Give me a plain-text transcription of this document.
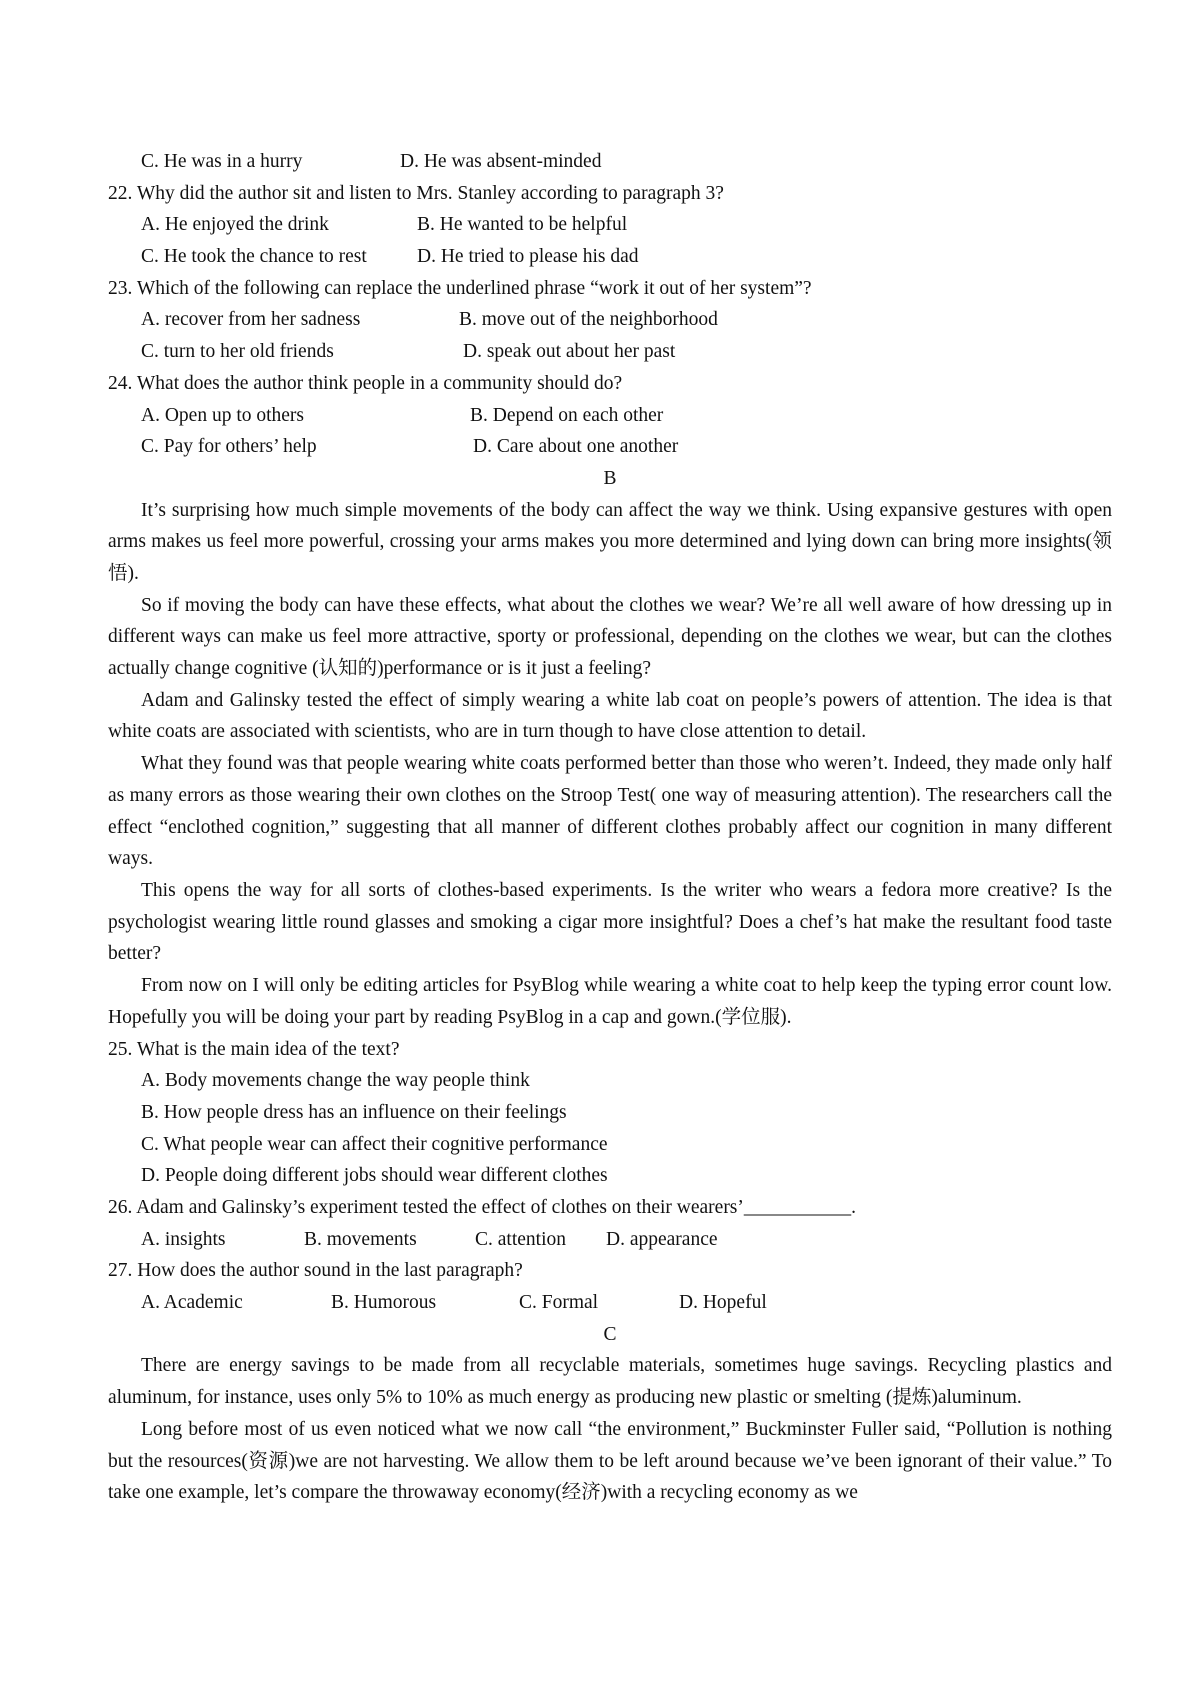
C. He was in a hurry	D. He was absent-minded
22. Why did the author sit and listen to Mrs. Stanley according to paragraph 3?
A. He enjoyed the drink	B. He wanted to be helpful
C. He took the chance to rest	D. He tried to please his dad
23. Which of the following can replace the underlined phrase “work it out of her system”?
A. recover from her sadness	B. move out of the neighborhood
C. turn to her old friends	D. speak out about her past
24. What does the author think people in a community should do?
A. Open up to others	B. Depend on each other
C. Pay for others’ help	D. Care about one another
B

It’s surprising how much simple movements of the body can affect the way we think. Using expansive gestures with open arms makes us feel more powerful, crossing your arms makes you more determined and lying down can bring more insights(领悟).

So if moving the body can have these effects, what about the clothes we wear? We’re all well aware of how dressing up in different ways can make us feel more attractive, sporty or professional, depending on the clothes we wear, but can the clothes actually change cognitive (认知的)performance or is it just a feeling?

Adam and Galinsky tested the effect of simply wearing a white lab coat on people’s powers of attention. The idea is that white coats are associated with scientists, who are in turn though to have close attention to detail.

What they found was that people wearing white coats performed better than those who weren’t. Indeed, they made only half as many errors as those wearing their own clothes on the Stroop Test( one way of measuring attention). The researchers call the effect “enclothed cognition,” suggesting that all manner of different clothes probably affect our cognition in many different ways.

This opens the way for all sorts of clothes-based experiments. Is the writer who wears a fedora more creative? Is the psychologist wearing little round glasses and smoking a cigar more insightful? Does a chef’s hat make the resultant food taste better?

From now on I will only be editing articles for PsyBlog while wearing a white coat to help keep the typing error count low. Hopefully you will be doing your part by reading PsyBlog in a cap and gown.(学位服).

25. What is the main idea of the text?
A. Body movements change the way people think
B. How people dress has an influence on their feelings
C. What people wear can affect their cognitive performance
D. People doing different jobs should wear different clothes
26. Adam and Galinsky’s experiment tested the effect of clothes on their wearers’___________.
A. insights	B. movements	C. attention D. appearance
27. How does the author sound in the last paragraph?
A. Academic	B. Humorous	C. Formal	D. Hopeful
C

There are energy savings to be made from all recyclable materials, sometimes huge savings. Recycling plastics and aluminum, for instance, uses only 5% to 10% as much energy as producing new plastic or smelting (提炼)aluminum.

Long before most of us even noticed what we now call “the environment,” Buckminster Fuller said, “Pollution is nothing but the resources(资源)we are not harvesting. We allow them to be left around because we’ve been ignorant of their value.” To take one example, let’s compare the throwaway economy(经济)with a recycling economy as we
